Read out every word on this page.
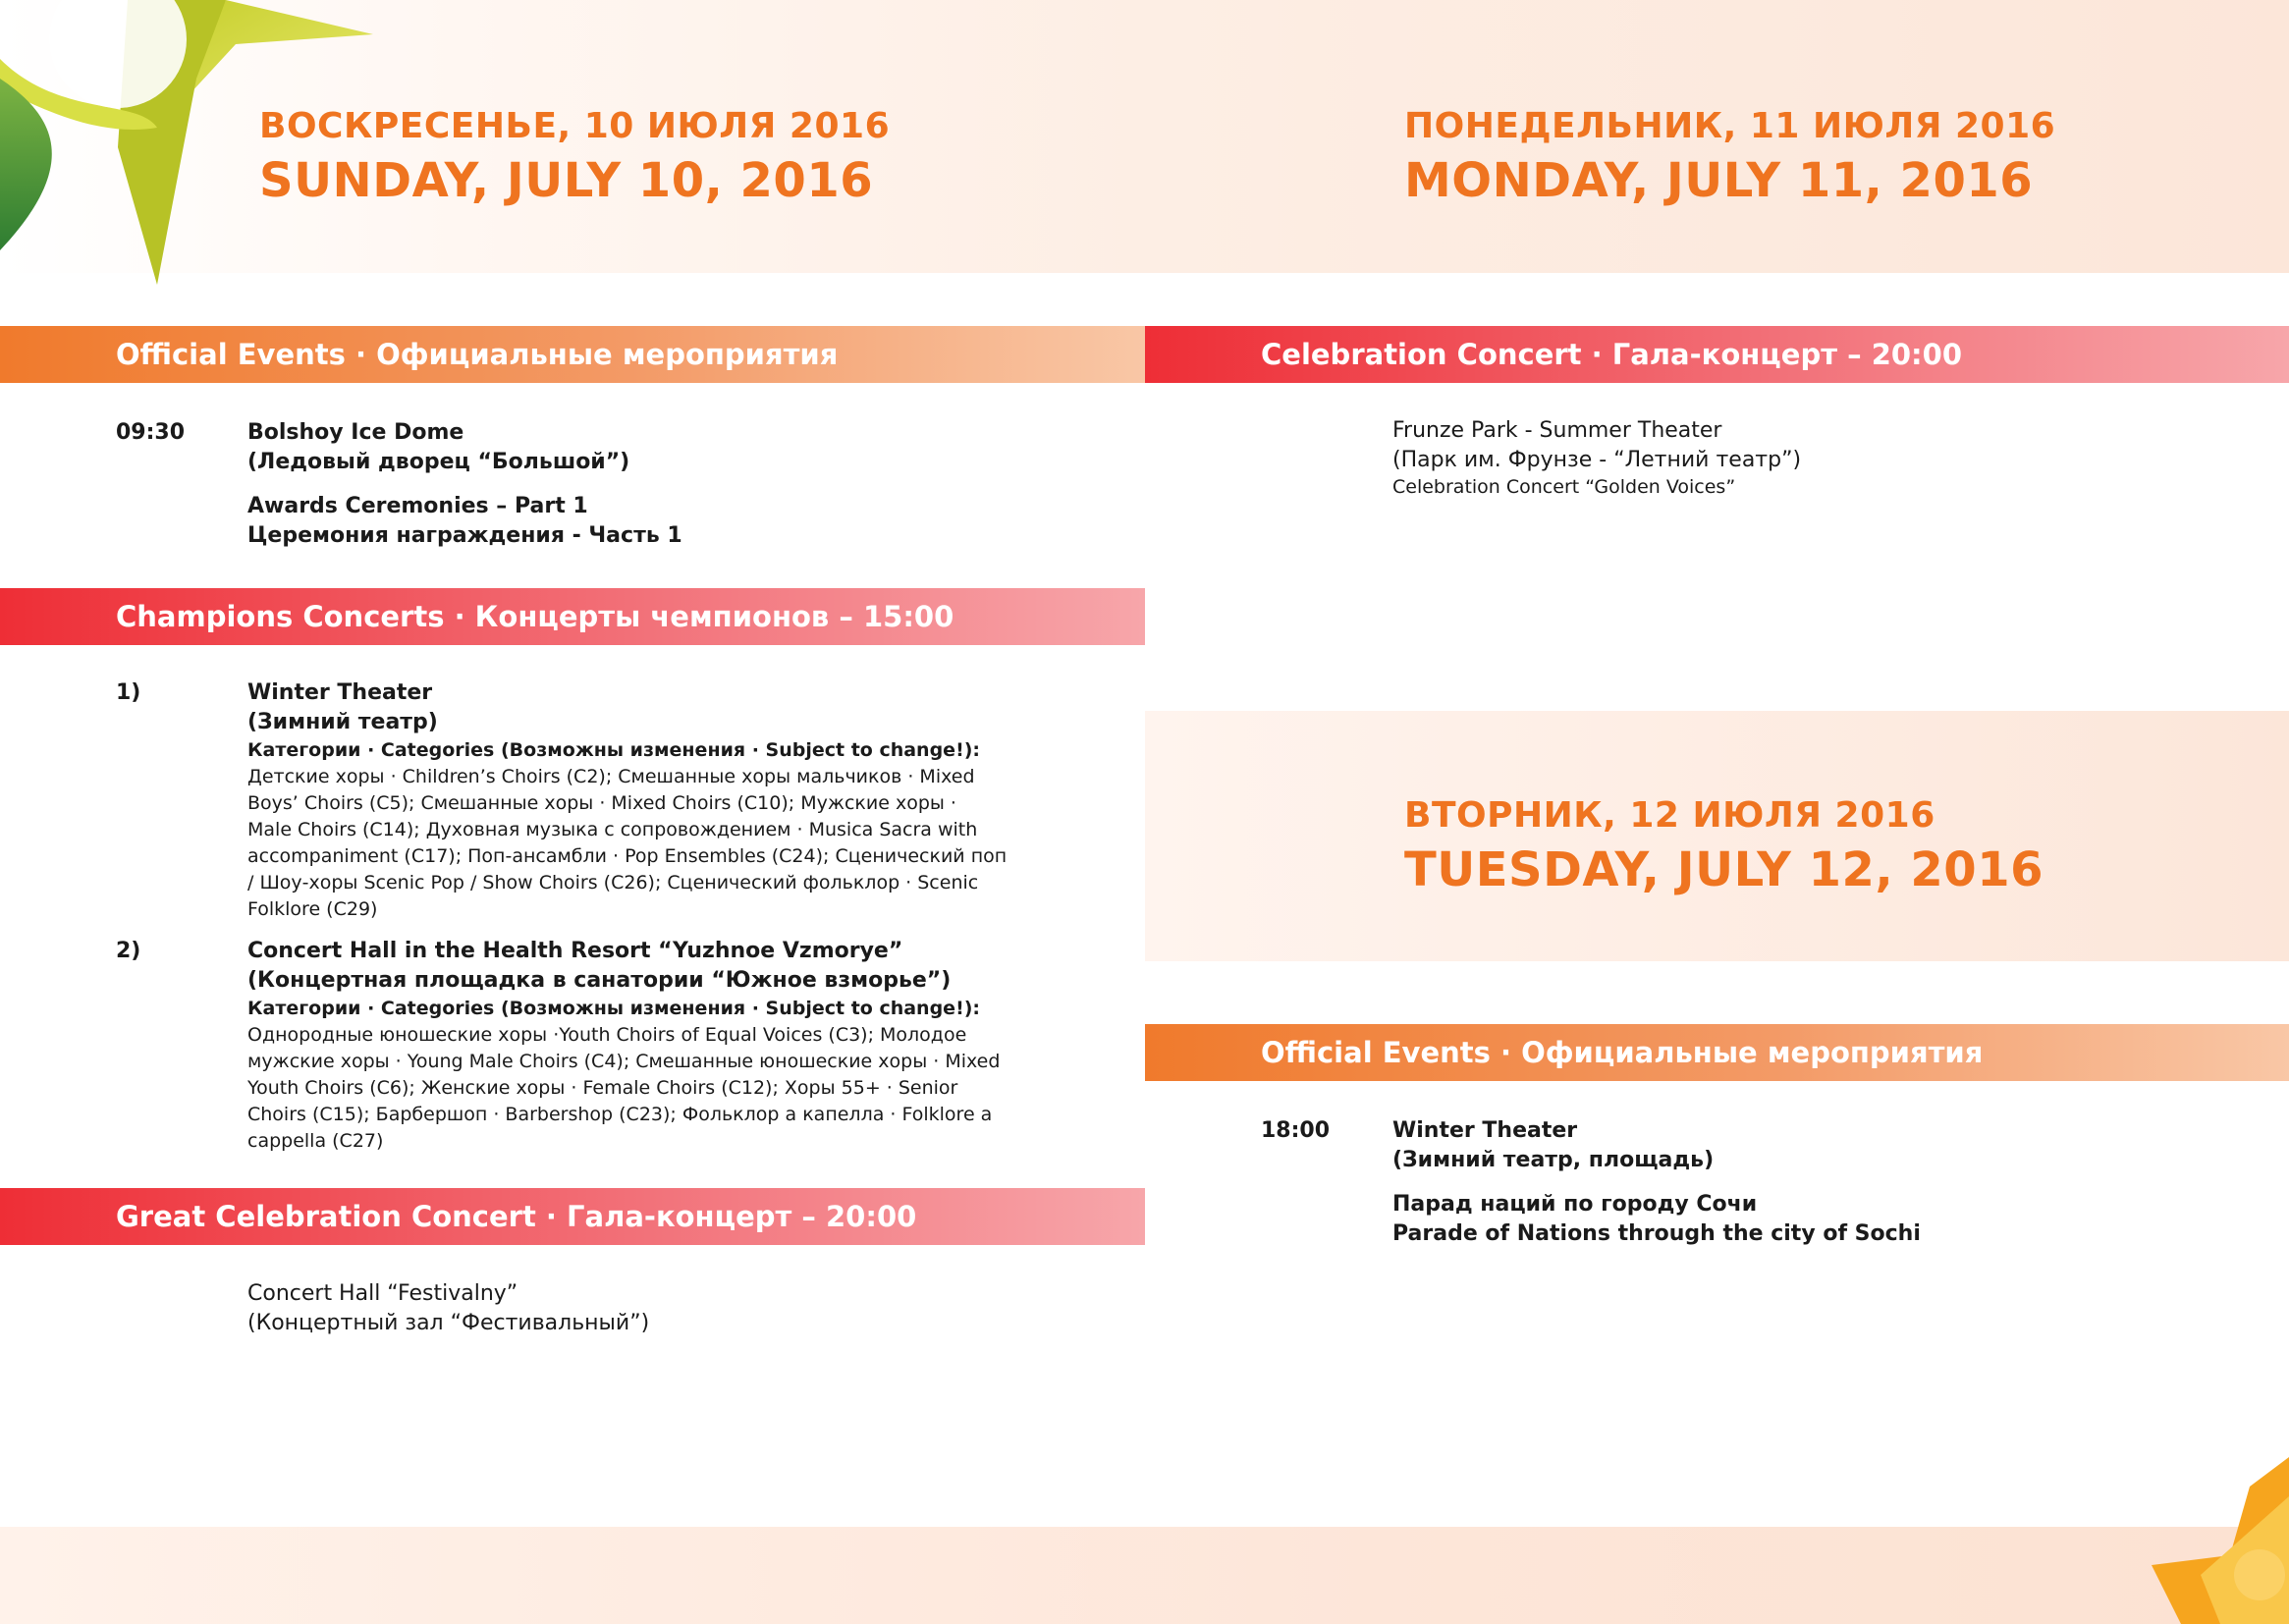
ВОСКРЕСЕНЬЕ, 10 ИЮЛЯ 2016
SUNDAY, JULY 10, 2016
ПОНЕДЕЛЬНИК, 11 ИЮЛЯ 2016
MONDAY, JULY 11, 2016
ВТОРНИК, 12 ИЮЛЯ 2016
TUESDAY, JULY 12, 2016
Official Events · Официальные мероприятия
09:30	Bolshoy Ice Dome
(Ледовый дворец “Большой”)
Awards Ceremonies – Part 1
Церемония награждения - Часть 1
Champions Concerts · Концерты чемпионов – 15:00
1)	Winter Theater
(Зимний театр)
Категории · Categories (Возможны изменения · Subject to change!):
Детские хоры · Children’s Choirs (C2); Смешанные хоры мальчиков · Mixed
Boys’ Choirs (C5); Смешанные хоры · Mixed Choirs (C10); Мужские хоры ·
Male Choirs (C14); Духовная музыка с сопровождением · Musica Sacra with
accompaniment (C17); Поп-ансамбли · Pop Ensembles (C24); Сценический поп
/ Шоу-хоры Scenic Pop / Show Choirs (C26); Сценический фольклор · Scenic
Folklore (C29)
2)	Concert Hall in the Health Resort “Yuzhnoe Vzmorye”
(Концертная площадка в санатории “Южное взморье”)
Категории · Categories (Возможны изменения · Subject to change!):
Однородные юношеские хоры ·Youth Choirs of Equal Voices (C3); Молодое
мужские хоры · Young Male Choirs (C4); Смешанные юношеские хоры · Mixed
Youth Choirs (C6); Женские хоры · Female Choirs (C12); Хоры 55+ · Senior
Choirs (C15); Барбершоп · Barbershop (C23); Фольклор а капелла · Folklore a
cappella (C27)
Great Celebration Concert · Гала-концерт – 20:00
Concert Hall “Festivalny”
(Концертный зал “Фестивальный”)
Celebration Concert · Гала-концерт – 20:00
Frunze Park - Summer Theater
(Парк им. Фрунзе - “Летний театр”)
Celebration Concert “Golden Voices”
Official Events · Официальные мероприятия
18:00	Winter Theater
(Зимний театр, площадь)
Парад наций по городу Сочи
Parade of Nations through the city of Sochi
